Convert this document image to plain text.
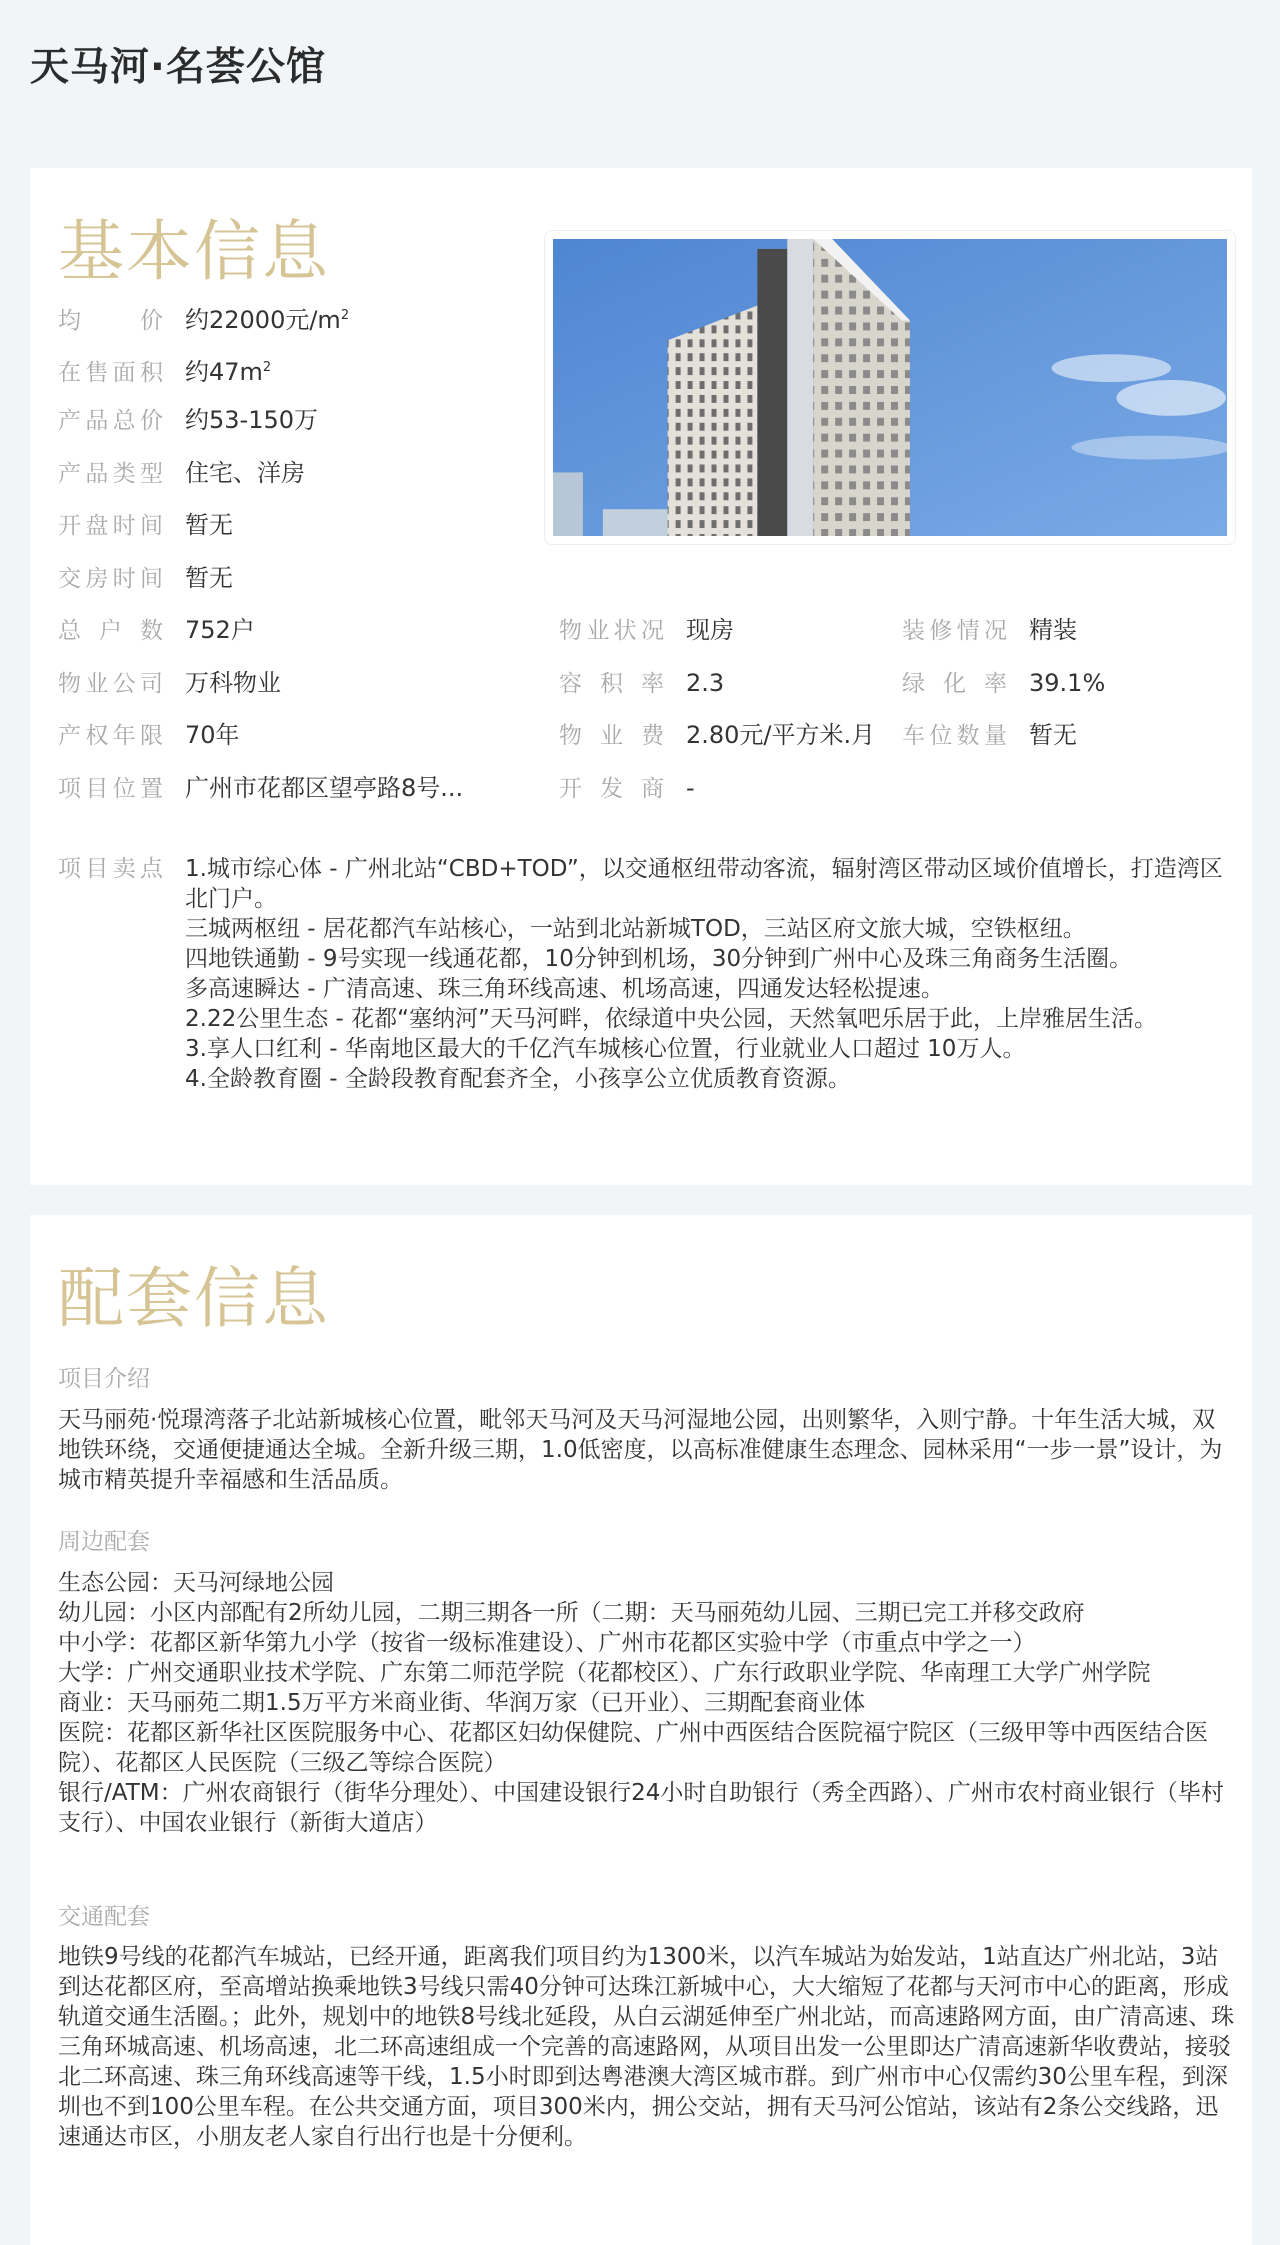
天马河·名荟公馆
基本信息
均　　价 约22000元$/m^2$
在售面积 约$47m^2$
产品总价 约53-150万
产品类型 住宅、洋房
开盘时间 暂无
交房时间 暂无
总 户 数 752户
物业公司 万科物业
产权年限 70年
项目位置 广州市花都区望亭路8号...
物业状况 现房
容 积 率 2.3
物 业 费 2.80元/平方米.月
开 发 商 -
装修情况 精装
绿 化 率 39.1%
车位数量 暂无
项目卖点 1.城市综心体 - 广州北站“CBD+TOD”，以交通枢纽带动客流，辐射湾区带动区域价值增长，打造湾区北门户。
三城两枢纽 - 居花都汽车站核心，一站到北站新城TOD，三站区府文旅大城，空铁枢纽。
四地铁通勤 - 9号实现一线通花都，10分钟到机场，30分钟到广州中心及珠三角商务生活圈。
多高速瞬达 - 广清高速、珠三角环线高速、机场高速，四通发达轻松提速。
2.22公里生态 - 花都“塞纳河”天马河畔，依绿道中央公园，天然氧吧乐居于此，上岸雅居生活。
3.享人口红利 - 华南地区最大的千亿汽车城核心位置，行业就业人口超过 10万人。
4.全龄教育圈 - 全龄段教育配套齐全，小孩享公立优质教育资源。
配套信息
项目介绍
天马丽苑·悦璟湾落子北站新城核心位置，毗邻天马河及天马河湿地公园，出则繁华，入则宁静。十年生活大城，双地铁环绕，交通便捷通达全城。全新升级三期，1.0低密度，以高标准健康生态理念、园林采用“一步一景”设计，为城市精英提升幸福感和生活品质。
周边配套
生态公园：天马河绿地公园
幼儿园：小区内部配有2所幼儿园，二期三期各一所（二期：天马丽苑幼儿园、三期已完工并移交政府
中小学：花都区新华第九小学（按省一级标准建设）、广州市花都区实验中学（市重点中学之一）
大学：广州交通职业技术学院、广东第二师范学院（花都校区）、广东行政职业学院、华南理工大学广州学院
商业：天马丽苑二期1.5万平方米商业街、华润万家（已开业）、三期配套商业体
医院：花都区新华社区医院服务中心、花都区妇幼保健院、广州中西医结合医院福宁院区（三级甲等中西医结合医院）、花都区人民医院（三级乙等综合医院）
银行/ATM：广州农商银行（街华分理处）、中国建设银行24小时自助银行（秀全西路）、广州市农村商业银行（毕村支行）、中国农业银行（新街大道店）
交通配套
地铁9号线的花都汽车城站，已经开通，距离我们项目约为1300米，以汽车城站为始发站，1站直达广州北站，3站到达花都区府，至高增站换乘地铁3号线只需40分钟可达珠江新城中心，大大缩短了花都与天河市中心的距离，形成轨道交通生活圈。；此外，规划中的地铁8号线北延段，从白云湖延伸至广州北站，而高速路网方面，由广清高速、珠三角环城高速、机场高速，北二环高速组成一个完善的高速路网，从项目出发一公里即达广清高速新华收费站，接驳北二环高速、珠三角环线高速等干线，1.5小时即到达粤港澳大湾区城市群。到广州市中心仅需约30公里车程，到深圳也不到100公里车程。在公共交通方面，项目300米内，拥公交站，拥有天马河公馆站，该站有2条公交线路，迅速通达市区，小朋友老人家自行出行也是十分便利。
